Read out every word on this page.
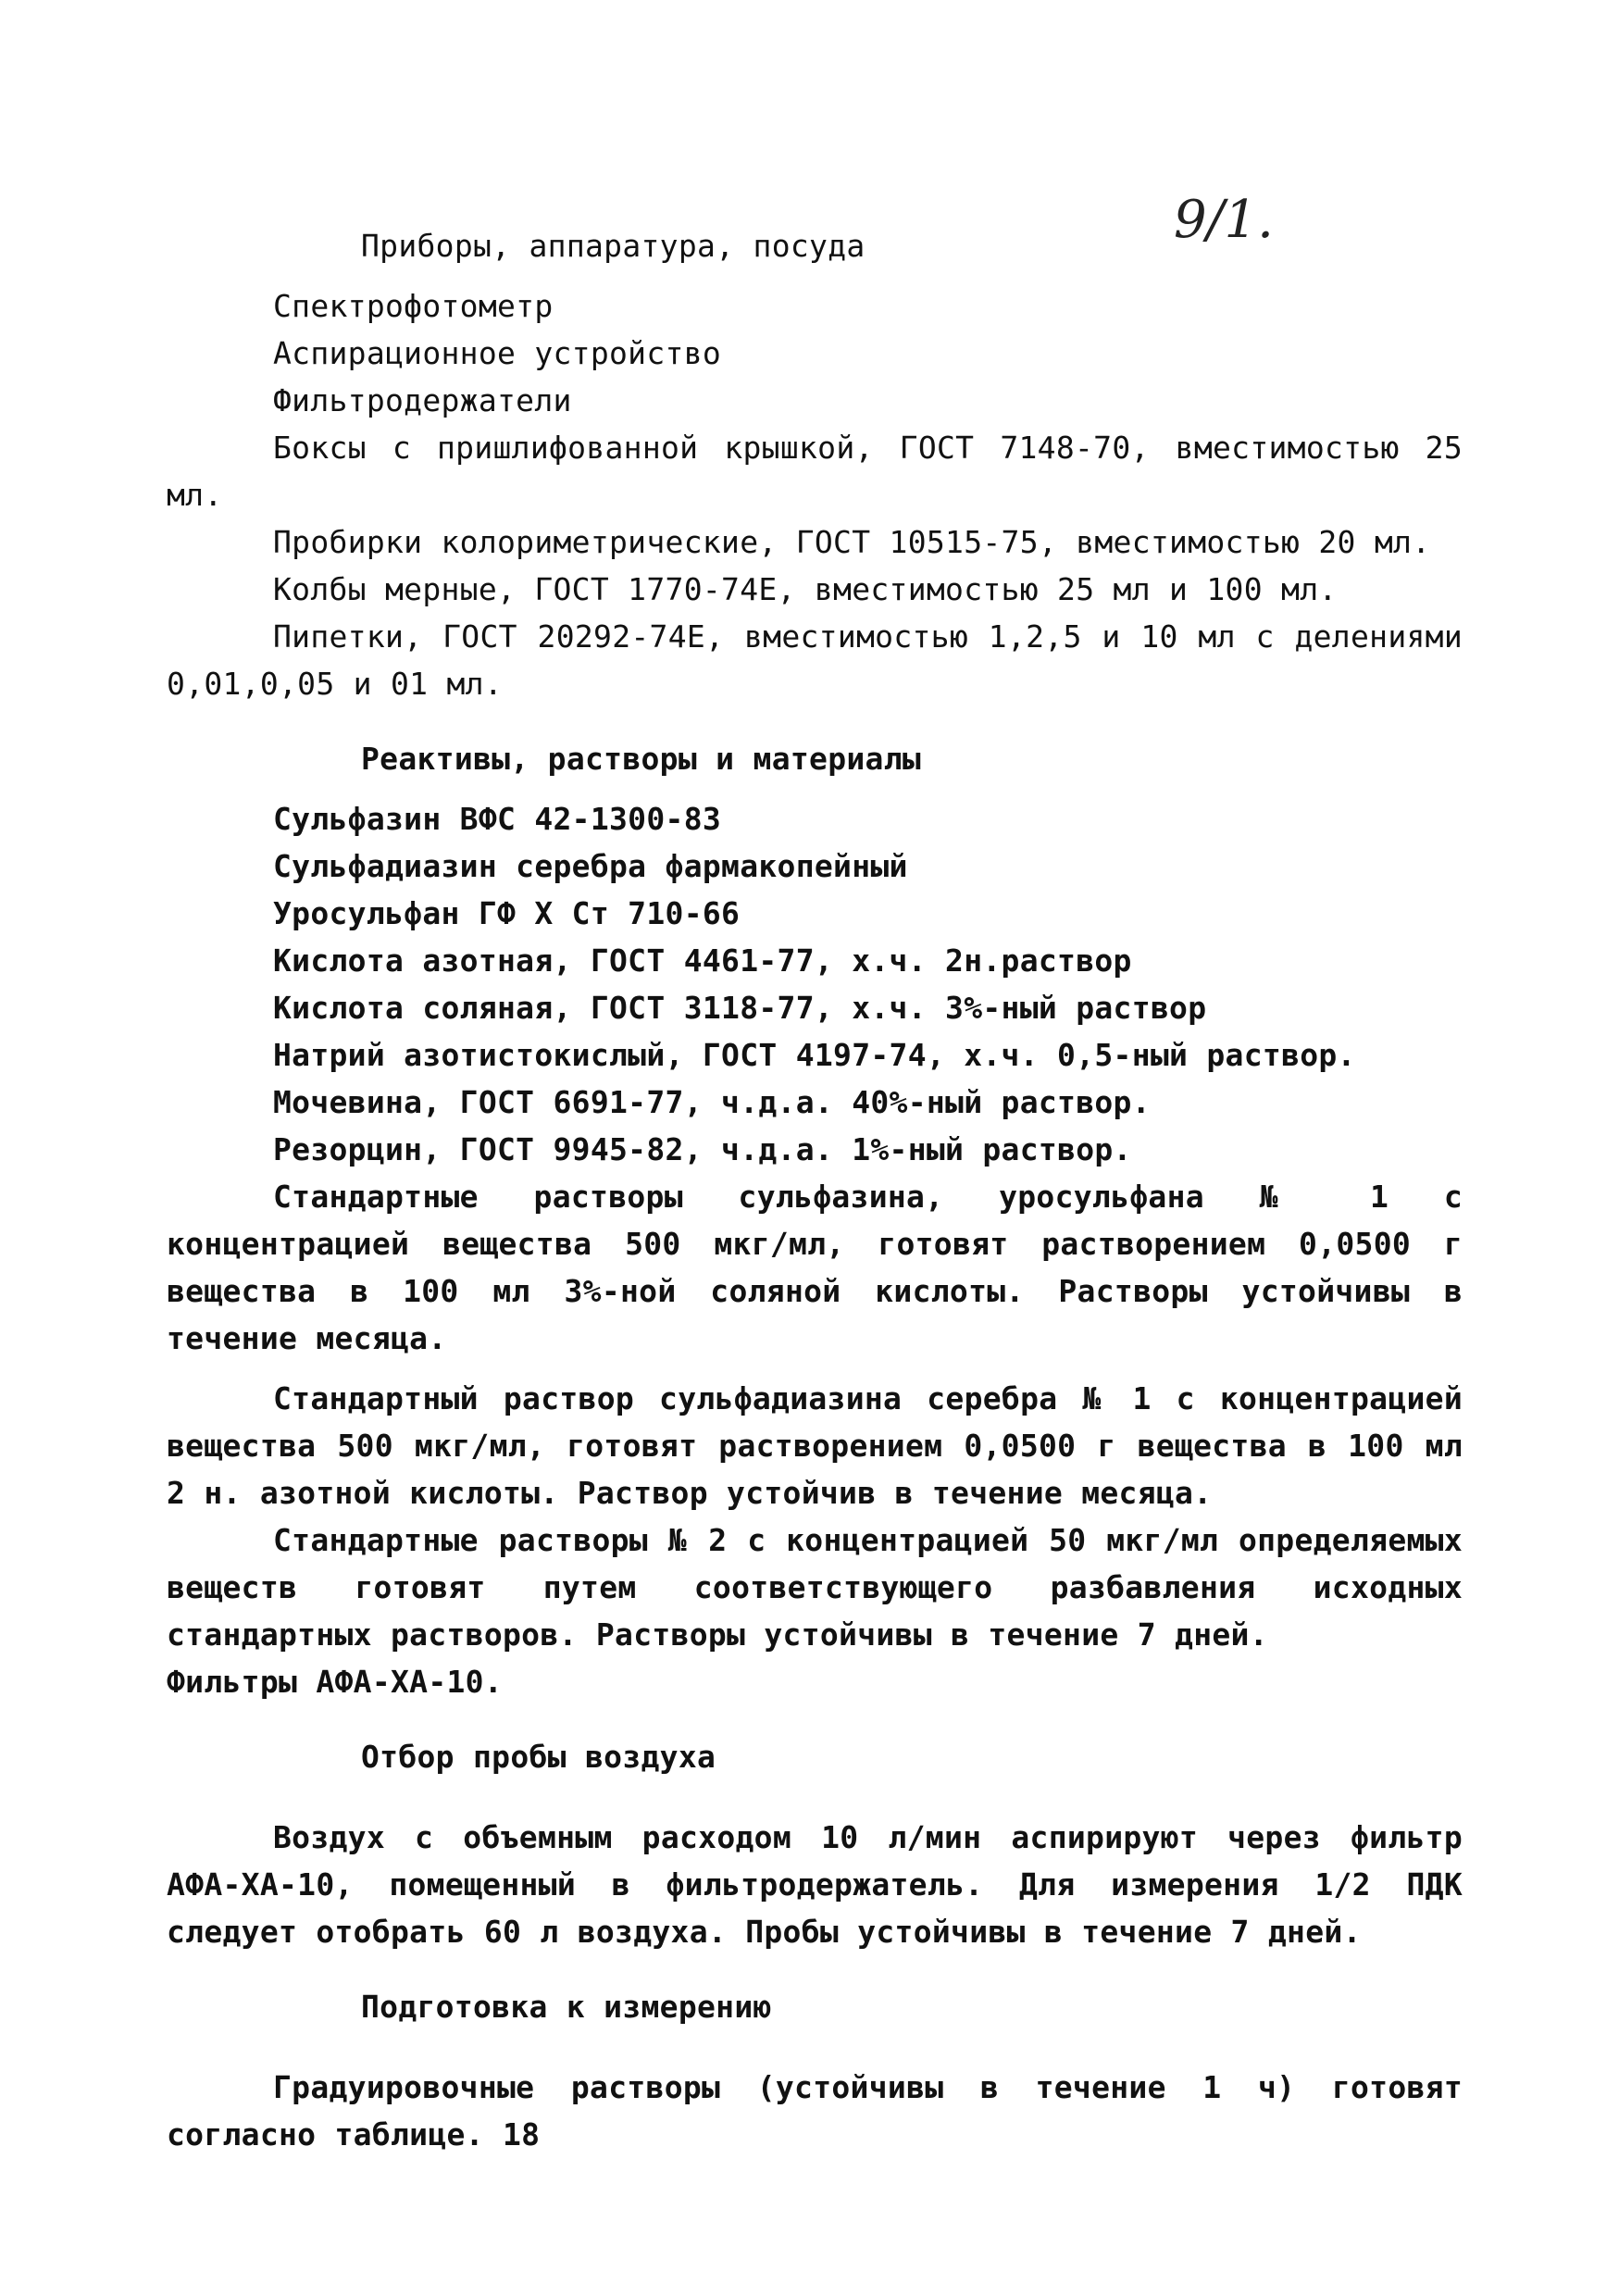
9/1.
Приборы, аппаратура, посуда
Спектрофотометр
Аспирационное устройство
Фильтродержатели

Боксы с пришлифованной крышкой, ГОСТ 7148-70, вместимостью 25 мл.

Пробирки колориметрические, ГОСТ 10515-75, вместимостью 20 мл.

Колбы мерные, ГОСТ 1770-74Е, вместимостью 25 мл и 100 мл.

Пипетки, ГОСТ 20292-74Е, вместимостью 1,2,5 и 10 мл с делениями 0,01,0,05 и 01 мл.

Реактивы, растворы и материалы
Сульфазин ВФС 42-1300-83
Сульфадиазин серебра фармакопейный
Уросульфан ГФ X Ст 710-66
Кислота азотная, ГОСТ 4461-77, х.ч. 2н.раствор
Кислота соляная, ГОСТ 3118-77, х.ч. 3%-ный раствор
Натрий азотистокислый, ГОСТ 4197-74, х.ч. 0,5-ный раствор.
Мочевина, ГОСТ 6691-77, ч.д.а. 40%-ный раствор.
Резорцин, ГОСТ 9945-82, ч.д.а. 1%-ный раствор.

Стандартные растворы сульфазина, уросульфана № 1 с концентрацией вещества 500 мкг/мл, готовят растворением 0,0500 г вещества в 100 мл 3%-ной соляной кислоты. Растворы устойчивы в течение месяца.

Стандартный раствор сульфадиазина серебра № 1 с концентрацией вещества 500 мкг/мл, готовят растворением 0,0500 г вещества в 100 мл 2 н. азотной кислоты. Раствор устойчив в течение месяца.

Стандартные растворы № 2 с концентрацией 50 мкг/мл определяемых веществ готовят путем соответствующего разбавления исходных стандартных растворов. Растворы устойчивы в течение 7 дней.

Фильтры АФА-ХА-10.
Отбор пробы воздуха

Воздух с объемным расходом 10 л/мин аспирируют через фильтр АФА-ХА-10, помещенный в фильтродержатель. Для измерения 1/2 ПДК следует отобрать 60 л воздуха. Пробы устойчивы в течение 7 дней.

Подготовка к измерению

Градуировочные растворы (устойчивы в течение 1 ч) готовят согласно таблице. 18
